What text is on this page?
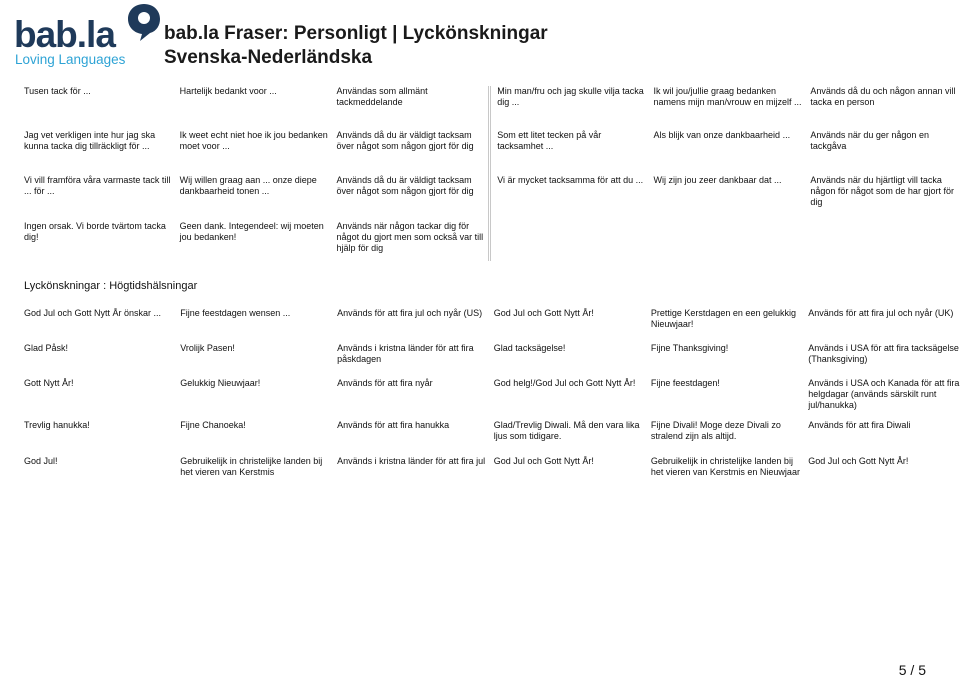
bab.la
Loving Languages
bab.la Fraser: Personligt | Lyckönskningar
Svenska-Nederländska
Tusen tack för ...	Hartelijk bedankt voor ...	Användas som allmänt tackmeddelande	Min man/fru och jag skulle vilja tacka dig ...	Ik wil jou/jullie graag bedanken namens mijn man/vrouw en mijzelf ...	Används då du och någon annan vill tacka en person
Jag vet verkligen inte hur jag ska kunna tacka dig tillräckligt för ...	Ik weet echt niet hoe ik jou bedanken moet voor ...	Används då du är väldigt tacksam över något som någon gjort för dig	Som ett litet tecken på vår tacksamhet ...	Als blijk van onze dankbaarheid ...	Används när du ger någon en tackgåva
Vi vill framföra våra varmaste tack till ... för ...	Wij willen graag aan ... onze diepe dankbaarheid tonen ...	Används då du är väldigt tacksam över något som någon gjort för dig	Vi är mycket tacksamma för att du ...	Wij zijn jou zeer dankbaar dat ...	Används när du hjärtligt vill tacka någon för något som de har gjort för dig
Ingen orsak. Vi borde tvärtom tacka dig!	Geen dank. Integendeel: wij moeten jou bedanken!	Används när någon tackar dig för något du gjort men som också var till hjälp för dig			
Lyckönskningar : Högtidshälsningar
God Jul och Gott Nytt År önskar ...	Fijne feestdagen wensen ...	Används för att fira jul och nyår (US)	God Jul och Gott Nytt År!	Prettige Kerstdagen en een gelukkig Nieuwjaar!	Används för att fira jul och nyår (UK)
Glad Påsk!	Vrolijk Pasen!	Används i kristna länder för att fira påskdagen	Glad tacksägelse!	Fijne Thanksgiving!	Används i USA för att fira tacksägelse (Thanksgiving)
Gott Nytt År!	Gelukkig Nieuwjaar!	Används för att fira nyår	God helg!/God Jul och Gott Nytt År!	Fijne feestdagen!	Används i USA och Kanada för att fira helgdagar (används särskilt runt jul/hanukka)
Trevlig hanukka!	Fijne Chanoeka!	Används för att fira hanukka	Glad/Trevlig Diwali. Må den vara lika ljus som tidigare.	Fijne Divali! Moge deze Divali zo stralend zijn als altijd.	Används för att fira Diwali
God Jul!	Gebruikelijk in christelijke landen bij het vieren van Kerstmis	Används i kristna länder för att fira jul	God Jul och Gott Nytt År!	Gebruikelijk in christelijke landen bij het vieren van Kerstmis en Nieuwjaar	God Jul och Gott Nytt År!
5 / 5
